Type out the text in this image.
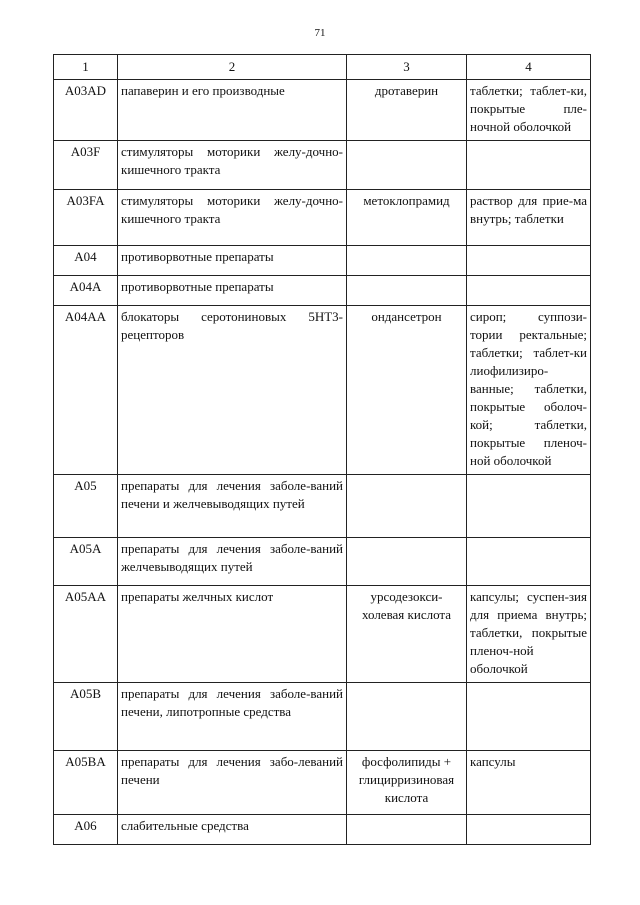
71
1	2	3	4
A03AD	папаверин и его производные	дротаверин	таблетки; таблет-ки, покрытые пле-ночной оболочкой
A03F	стимуляторы моторики желу-дочно-кишечного тракта		
A03FA	стимуляторы моторики желу-дочно-кишечного тракта	метоклопрамид	раствор для прие-ма внутрь; таблетки
A04	противорвотные препараты		
A04A	противорвотные препараты		
A04AA	блокаторы серотониновых 5HT3-рецепторов	ондансетрон	сироп; суппози-тории ректальные; таблетки; таблет-ки лиофилизиро-ванные; таблетки, покрытые оболоч-кой; таблетки, покрытые пленоч-ной оболочкой
A05	препараты для лечения заболе-ваний печени и желчевыводящих путей		
A05A	препараты для лечения заболе-ваний желчевыводящих путей		
A05AA	препараты желчных кислот	урсодезокси-холевая кислота	капсулы; суспен-зия для приема внутрь; таблетки, покрытые пленоч-ной оболочкой
A05B	препараты для лечения заболе-ваний печени, липотропные средства		
A05BA	препараты для лечения забо-леваний печени	фосфолипиды + глицирризиновая кислота	капсулы
A06	слабительные средства		
